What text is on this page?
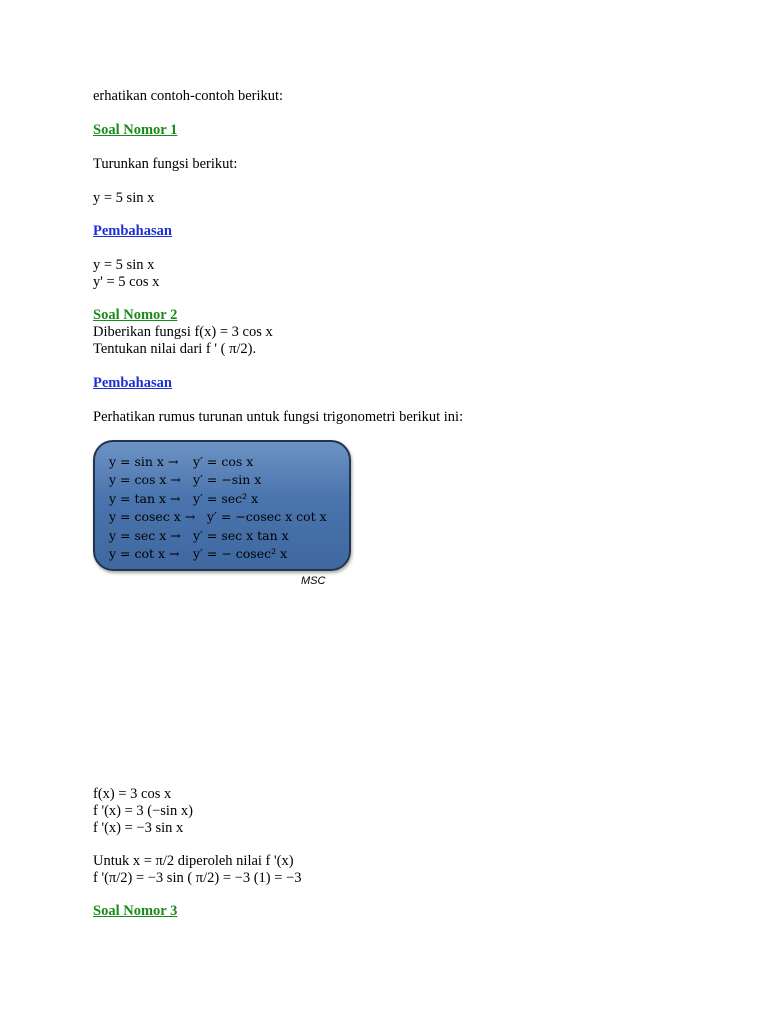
erhatikan contoh-contoh berikut:
Soal Nomor 1
Turunkan fungsi berikut:
y = 5 sin x
Pembahasan
y = 5 sin x
y' = 5 cos x
Soal Nomor 2
Diberikan fungsi f(x) = 3 cos x
Tentukan nilai dari f ' ( π/2).
Pembahasan
Perhatikan rumus turunan untuk fungsi trigonometri berikut ini:
y = sin x → y′ = cos x
y = cos x → y′ = −sin x
y = tan x → y′ = sec² x
y = cosec x → y′ = −cosec x cot x
y = sec x → y′ = sec x tan x
y = cot x → y′ = − cosec² x
MSC
f(x) = 3 cos x
f '(x) = 3 (−sin x)
f '(x) = −3 sin x
Untuk x = π/2 diperoleh nilai f '(x)
f '(π/2) = −3 sin ( π/2) = −3 (1) = −3
Soal Nomor 3
